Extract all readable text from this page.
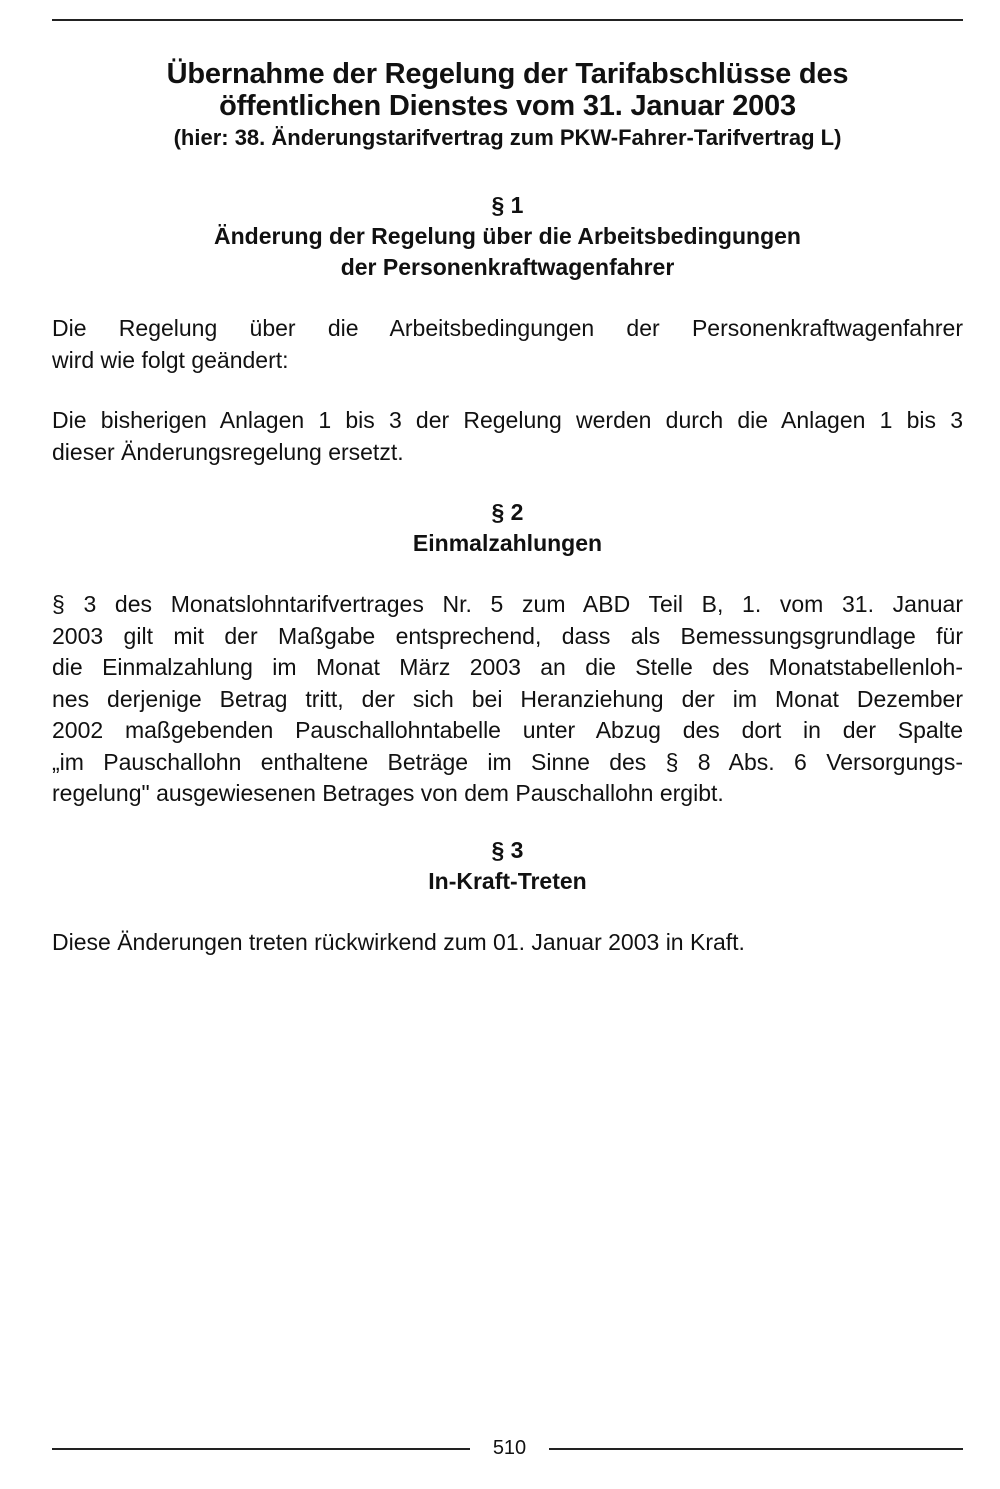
Übernahme der Regelung der Tarifabschlüsse des
öffentlichen Dienstes vom 31. Januar 2003
(hier: 38. Änderungstarifvertrag zum PKW-Fahrer-Tarifvertrag L)
§ 1
Änderung der Regelung über die Arbeitsbedingungen
der Personenkraftwagenfahrer
Die Regelung über die Arbeitsbedingungen der Personenkraftwagenfahrer
wird wie folgt geändert:
Die bisherigen Anlagen 1 bis 3 der Regelung werden durch die Anlagen 1 bis 3
dieser Änderungsregelung ersetzt.
§ 2
Einmalzahlungen
§ 3 des Monatslohntarifvertrages Nr. 5 zum ABD Teil B, 1. vom 31. Januar
2003 gilt mit der Maßgabe entsprechend, dass als Bemessungsgrundlage für
die Einmalzahlung im Monat März 2003 an die Stelle des Monatstabellenloh-
nes derjenige Betrag tritt, der sich bei Heranziehung der im Monat Dezember
2002 maßgebenden Pauschallohntabelle unter Abzug des dort in der Spalte
„im Pauschallohn enthaltene Beträge im Sinne des § 8 Abs. 6 Versorgungs-
regelung" ausgewiesenen Betrages von dem Pauschallohn ergibt.
§ 3
In-Kraft-Treten
Diese Änderungen treten rückwirkend zum 01. Januar 2003 in Kraft.
510
